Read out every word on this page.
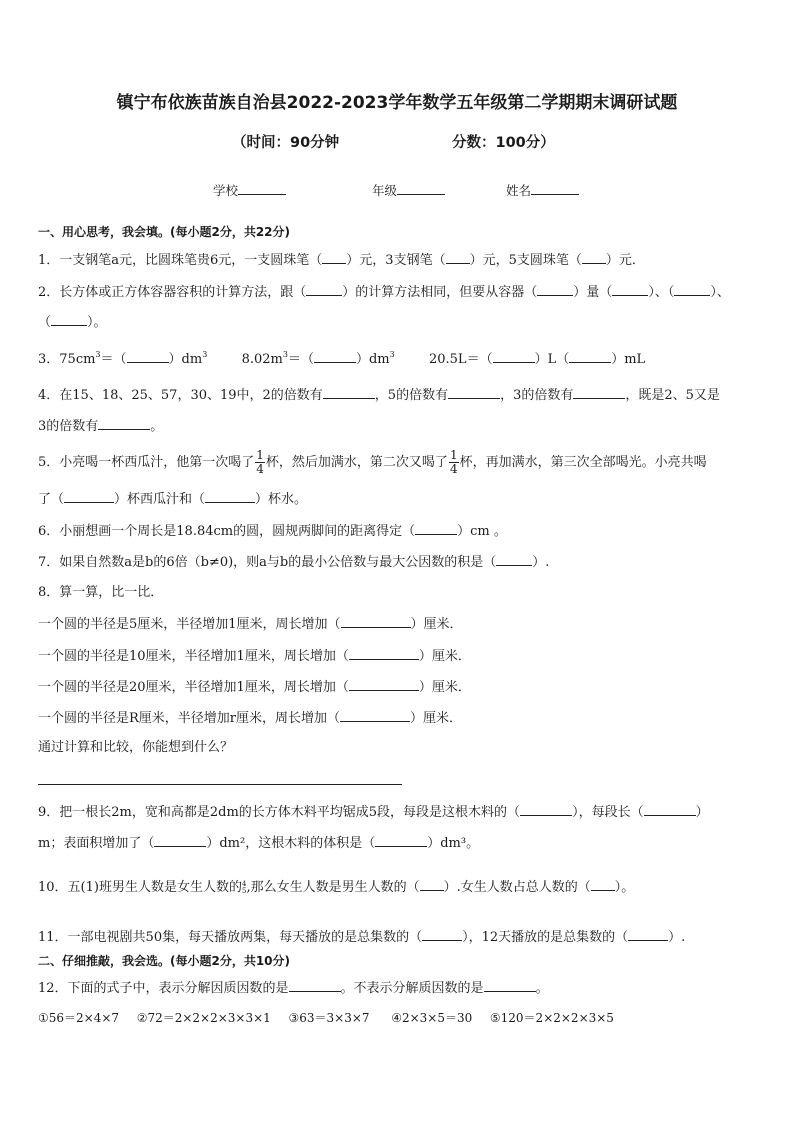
镇宁布依族苗族自治县2022-2023学年数学五年级第二学期期末调研试题
（时间：90分钟	分数：100分）
学校	年级	姓名
一、用心思考，我会填。(每小题2分，共22分)
1．一支钢笔a元，比圆珠笔贵6元，一支圆珠笔（ ）元，3支钢笔（ ）元，5支圆珠笔（ ）元．
2．长方体或正方体容器容积的计算方法，跟（	）的计算方法相同，但要从容器（	）量（	）、（	）、
（	）。
3．$75cm^3=$（	）$dm^3$	$8.02m^3=$（	）$dm^3$	20.5L＝（	）L（	）mL
4．在15、18、25、57，30、19中，2的倍数有	，5的倍数有	，3的倍数有	，既是2、5又是
3的倍数有	。
5．小亮喝一杯西瓜汁，他第一次喝了 $\frac{1}{4}$ 杯，然后加满水，第二次又喝了 $\frac{1}{4}$ 杯，再加满水，第三次全部喝光。小亮共喝
了（	）杯西瓜汁和（	）杯水。
6．小丽想画一个周长是18.84cm的圆，圆规两脚间的距离得定（	）cm 。
7．如果自然数a是b的6倍（b≠0)，则a与b的最小公倍数与最大公因数的积是（	）.
8．算一算，比一比．
一个圆的半径是5厘米，半径增加1厘米，周长增加（	）厘米．
一个圆的半径是10厘米，半径增加1厘米，周长增加（	）厘米．
一个圆的半径是20厘米，半径增加1厘米，周长增加（	）厘米．
一个圆的半径是R厘米，半径增加r厘米，周长增加（	）厘米．
通过计算和比较，你能想到什么？
9．把一根长2m，宽和高都是2dm的长方体木料平均锯成5段，每段是这根木料的（	），每段长（	）
m；表面积增加了（	）dm²，这根木料的体积是（	）dm³。
10．五(1)班男生人数是女生人数的 4
5 ,那么女生人数是男生人数的（ ）.女生人数占总人数的（ ）。
11．一部电视剧共50集，每天播放两集，每天播放的是总集数的（	），12天播放的是总集数的（	）.
二、仔细推敲，我会选。(每小题2分，共10分)
12．下面的式子中，表示分解因质因数的是	。不表示分解质因数的是	。
①56＝2×4×7 ②72＝2×2×2×3×3×1 ③63＝3×3×7 ④2×3×5＝30 ⑤120＝2×2×2×3×5
